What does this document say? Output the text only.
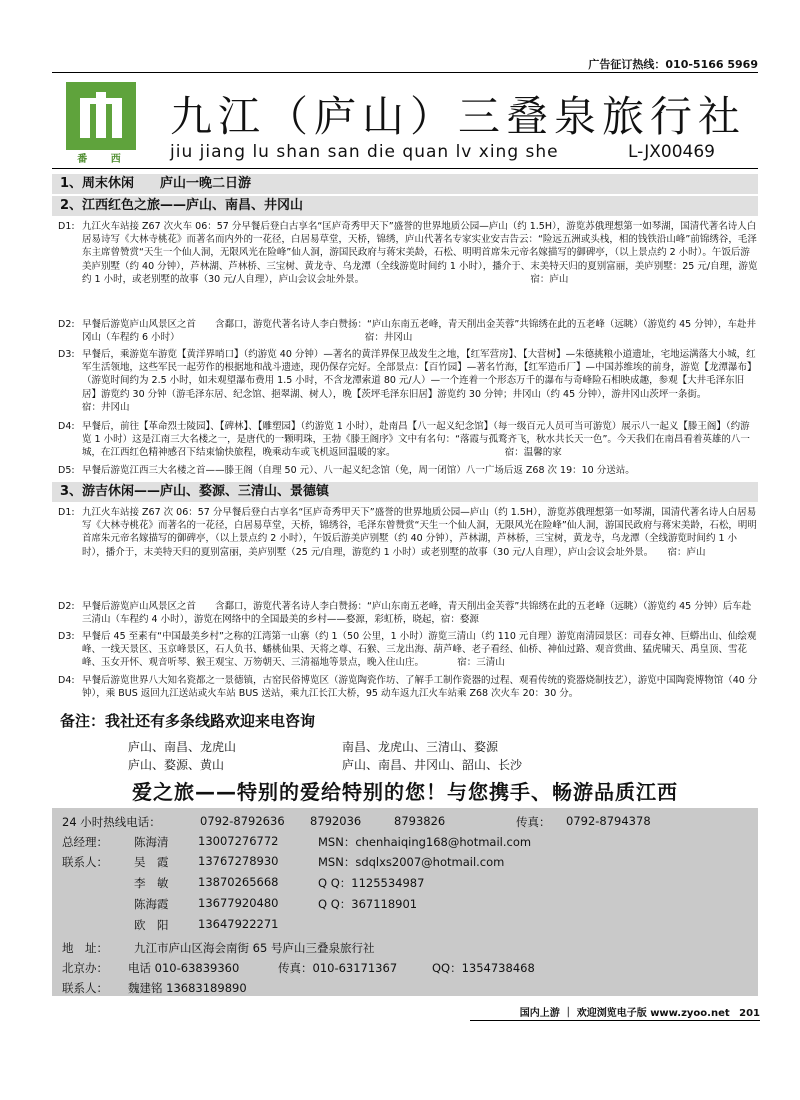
广告征订热线：010-5166 5969
番 西
九江（庐山）三叠泉旅行社
jiu jiang lu shan san die quan lv xing she	L-JX00469
1、周末休闲　　庐山一晚二日游
2、江西红色之旅——庐山、南昌、井冈山
D1: 九江火车站接 Z67 次火车 06：57 分早餐后登白古享名“匡庐奇秀甲天下”盛誉的世界地质公园—庐山（约 1.5H），游览苏俄理想第一如琴湖，国清代著名诗人白居易诗写《大林寺桃花》而著名而内外的一花径，白居易草堂，天桥，锦绣，庐山代著名专家实业安吉告云：“险远五洲或头栈，相的钱铁沿山峰”前锦绣谷，毛泽东主席曾赞赏“天生一个仙人洞，无限风光在险峰”仙人洞，游国民政府与蒋宋美龄，石松、明明首席朱元帝名嫁描写的御碑亭，（以上景点约 2 小时）。午饭后游美庐别墅（约 40 分钟），芦林湖、芦林桥、三宝树、黄龙寺、乌龙潭（全线游览时间约 1 小时），播介于、末美特天归的夏别富丽，美庐别墅：25 元/自理，游览约 1 小时，或老别墅的故事（30 元/人自理），庐山会议会址外景。　　　　　　　　　　　　　　　　　　宿：庐山
D2: 早餐后游览庐山风景区之首　　含鄱口，游览代著名诗人李白赞扬：“庐山东南五老峰，青天削出金芙蓉”共锦绣在此的五老峰（远眺）（游览约 45 分钟），车赴井冈山（车程约 6 小时）　　　　　　　　　　　　　　　　　　　　宿：井冈山
D3: 早餐后，乘游览车游览【黄洋界哨口】（约游览 40 分钟）—著名的黄洋界保卫战发生之地，【红军营房】、【大营树】—朱德挑粮小道遗址，宅地运满落大小城，红军生活领地，这些军民一起劳作的根据地和战斗遗迹，现仍保存完好。全部景点：【百竹园】—著名竹海，【红军造币厂】—中国苏维埃的前身，游览【龙潭瀑布】（游览时间约为 2.5 小时，如未观望瀑布费用 1.5 小时，不含龙潭索道 80 元/人）—一个连着一个形态万千的瀑布与奇峰险石相映成趣，参观【大井毛泽东旧居】游览约 30 分钟（游毛泽东居、纪念馆、挹翠湖、树人），晚【茨坪毛泽东旧居】游览约 30 分钟；井冈山（约 45 分钟），游井冈山茨坪一条街。　　　　宿：井冈山
D4: 早餐后，前往【革命烈士陵园】、【碑林】、【雕塑园】（约游览 1 小时），赴南昌【八一起义纪念馆】（每一级百元人员可当可游览）展示八一起义【滕王阁】（约游览 1 小时）这是江南三大名楼之一，是唐代的一颗明珠，王勃《滕王阁序》文中有名句：“落霞与孤鹜齐飞，秋水共长天一色”。今天我们在南昌看着英雄的八一城，在江西红色精神感召下结束愉快旅程，晚乘动车或飞机返回温暖的家。　　　　　　　　　　　　宿：温馨的家
D5: 早餐后游览江西三大名楼之首——滕王阁（自理 50 元）、八一起义纪念馆（免，周一闭馆）八一广场后返 Z68 次 19：10 分送站。
3、游吉休闲——庐山、婺源、三清山、景德镇
D1: 九江火车站接 Z67 次 06：57 分早餐后登白古享名“匡庐奇秀甲天下”盛誉的世界地质公园—庐山（约 1.5H），游览苏俄理想第一如琴湖，国清代著名诗人白居易写《大林寺桃花》而著名的一花径，白居易草堂，天桥，锦绣谷，毛泽东曾赞赏“天生一个仙人洞，无限风光在险峰”仙人洞，游国民政府与蒋宋美龄，石松，明明首席朱元帝名嫁描写的御碑亭，（以上景点约 2 小时），午饭后游美庐别墅（约 40 分钟），芦林湖，芦林桥，三宝树，黄龙寺，乌龙潭（全线游览时间约 1 小时），播介于，末美特天归的夏别富丽，美庐别墅（25 元/自理，游览约 1 小时）或老别墅的故事（30 元/人自理），庐山会议会址外景。　　宿：庐山
D2: 早餐后游览庐山风景区之首　　含鄱口，游览代著名诗人李白赞扬：“庐山东南五老峰，青天削出金芙蓉”共锦绣在此的五老峰（远眺）（游览约 45 分钟）后车赴三清山（车程约 4 小时），游览在网络中的全国最美的乡村——婺源，彩虹桥，晓起，宿：婺源
D3: 早餐后 45 至素有“中国最美乡村”之称的江湾第一山寨（约 1（50 公里，1 小时）游览三清山（约 110 元自理）游览南清园景区：司春女神、巨蟒出山、仙绘观峰、一线天景区、玉京峰景区，石人负书、蟠桃仙果、天将之尊、石猴、三龙出海、葫芦峰、老子看经、仙桥、神仙过路、观音赏曲、猛虎啸天、禹皇顶、雪花峰、玉女开怀、观音听琴、猴王观宝、万笏朝天、三清福地等景点，晚入住山庄。　　　　宿：三清山
D4: 早餐后游览世界八大知名瓷都之一景德镇，古窑民俗博览区（游览陶瓷作坊、了解手工制作瓷器的过程、观看传统的瓷器烧制技艺），游览中国陶瓷博物馆（40 分钟），乘 BUS 返回九江送站或火车站 BUS 送站，乘九江长江大桥，95 动车返九江火车站乘 Z68 次火车 20：30 分。
备注：我社还有多条线路欢迎来电咨询
庐山、南昌、龙虎山	南昌、龙虎山、三清山、婺源
庐山、婺源、黄山	庐山、南昌、井冈山、韶山、长沙
爱之旅——特别的爱给特别的您！与您携手、畅游品质江西
24 小时热线电话：	0792-8792636 8792036	8793826	传真： 0792-8794378
总经理： 陈海清	13007276772	MSN：chenhaiqing168@hotmail.com
联系人： 吴　霞	13767278930	MSN：sdqlxs2007@hotmail.com
李　敏	13870265668	Q Q：1125534987
陈海霞	13677920480	Q Q：367118901
欧　阳	13647922271
地　址： 九江市庐山区海会南街 65 号庐山三叠泉旅行社
北京办： 电话 010-63839360	传真：010-63171367	QQ：1354738468
联系人： 魏建铭 13683189890
国内上游 ｜ 欢迎浏览电子版 www.zyoo.net 201
